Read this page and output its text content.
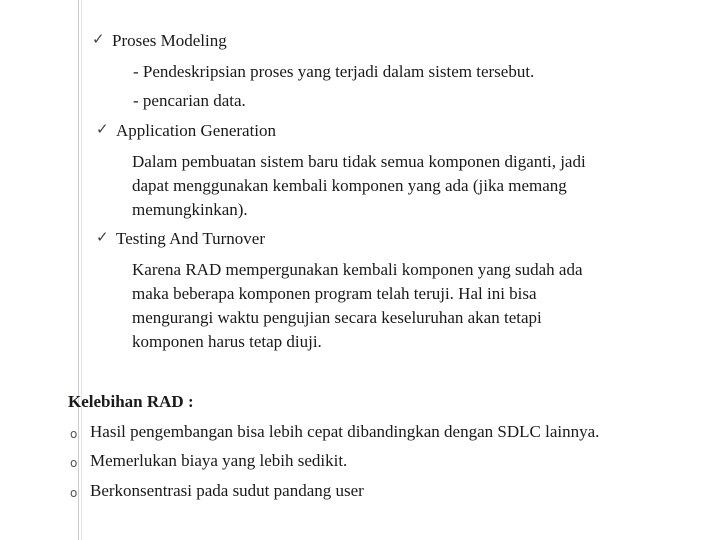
✓ Proses Modeling
- Pendeskripsian proses yang terjadi dalam sistem tersebut.
- pencarian data.
✓ Application Generation
Dalam pembuatan sistem baru tidak semua komponen diganti, jadi
dapat menggunakan kembali komponen yang ada (jika memang
memungkinkan).
✓ Testing And Turnover
Karena RAD mempergunakan kembali komponen yang sudah ada
maka beberapa komponen program telah teruji. Hal ini bisa
mengurangi waktu pengujian secara keseluruhan akan tetapi
komponen harus tetap diuji.
Kelebihan RAD :
o Hasil pengembangan bisa lebih cepat dibandingkan dengan SDLC lainnya.
o Memerlukan biaya yang lebih sedikit.
o Berkonsentrasi pada sudut pandang user
